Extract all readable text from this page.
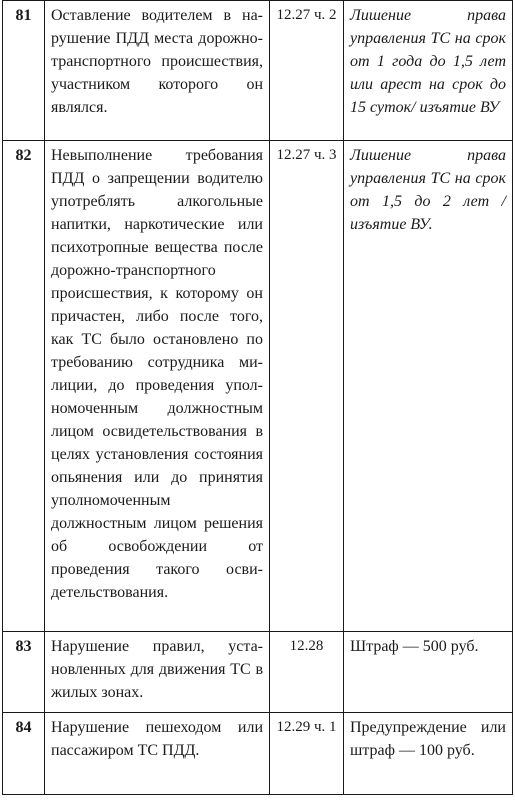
81	Оставление водителем в нарушение ПДД места дорожно-транспортного происшествия, участником которого он являлся.	12.27 ч. 2	Лишение права управления ТС на срок от 1 года до 1,5 лет или арест на срок до 15 суток/ изъятие ВУ
82	Невыполнение требования ПДД о запрещении водителю употреблять алкогольные напитки, наркотические или психотропные вещества после дорожно-транспортного происшествия, к которому он причастен, либо после того, как ТС было остановлено по требованию сотрудника милиции, до проведения уполномоченным должностным лицом освидетельствования в целях установления состояния опьянения или до принятия уполномоченным должностным лицом решения об освобождении от проведения такого освидетельствования.	12.27 ч. 3	Лишение права управления ТС на срок от 1,5 до 2 лет / изъятие ВУ.
83	Нарушение правил, установленных для движения ТС в жилых зонах.	12.28	Штраф — 500 руб.
84	Нарушение пешеходом или пассажиром ТС ПДД.	12.29 ч. 1	Предупреждение или штраф — 100 руб.
